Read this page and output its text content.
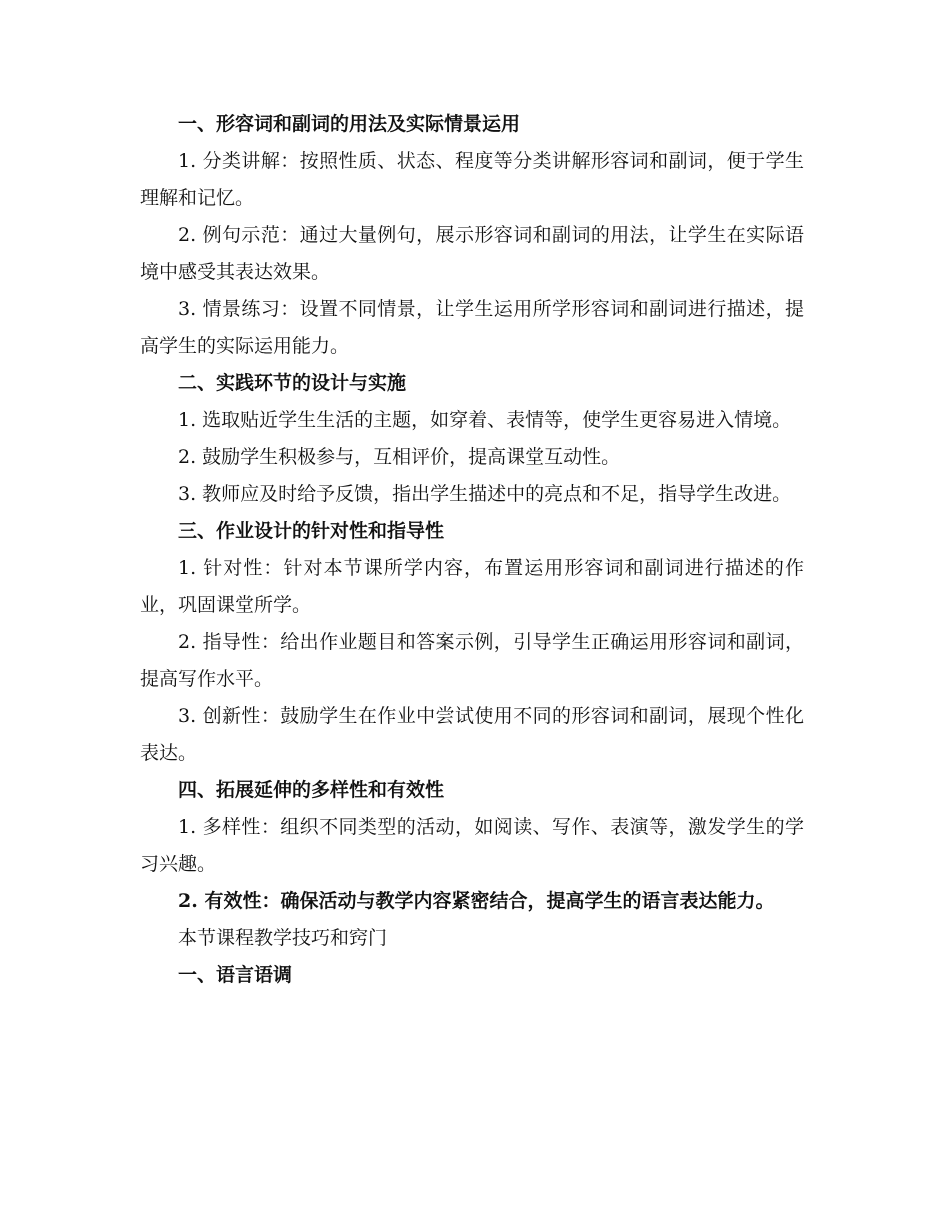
一、形容词和副词的用法及实际情景运用

1. 分类讲解：按照性质、状态、程度等分类讲解形容词和副词，便于学生理解和记忆。

2. 例句示范：通过大量例句，展示形容词和副词的用法，让学生在实际语境中感受其表达效果。

3. 情景练习：设置不同情景，让学生运用所学形容词和副词进行描述，提高学生的实际运用能力。

二、实践环节的设计与实施

1. 选取贴近学生生活的主题，如穿着、表情等，使学生更容易进入情境。

2. 鼓励学生积极参与，互相评价，提高课堂互动性。

3. 教师应及时给予反馈，指出学生描述中的亮点和不足，指导学生改进。

三、作业设计的针对性和指导性

1. 针对性：针对本节课所学内容，布置运用形容词和副词进行描述的作业，巩固课堂所学。

2. 指导性：给出作业题目和答案示例，引导学生正确运用形容词和副词，提高写作水平。

3. 创新性：鼓励学生在作业中尝试使用不同的形容词和副词，展现个性化表达。

四、拓展延伸的多样性和有效性

1. 多样性：组织不同类型的活动，如阅读、写作、表演等，激发学生的学习兴趣。

2. 有效性：确保活动与教学内容紧密结合，提高学生的语言表达能力。

本节课程教学技巧和窍门

一、语言语调
